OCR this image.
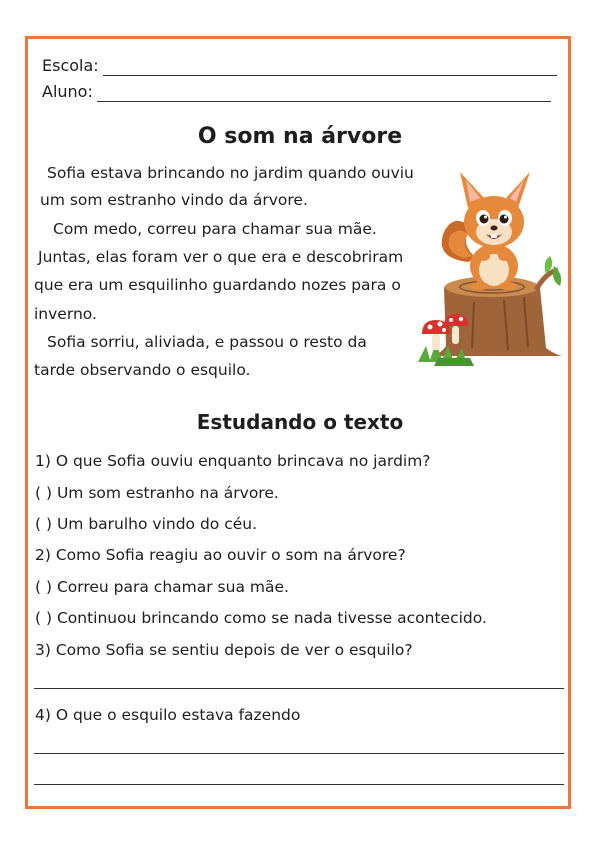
Escola:
Aluno:
O som na árvore
Sofia estava brincando no jardim quando ouviu
um som estranho vindo da árvore.
Com medo, correu para chamar sua mãe.
Juntas, elas foram ver o que era e descobriram
que era um esquilinho guardando nozes para o
inverno.
Sofia sorriu, aliviada, e passou o resto da
tarde observando o esquilo.
Estudando o texto
1) O que Sofia ouviu enquanto brincava no jardim?
( ) Um som estranho na árvore.
( ) Um barulho vindo do céu.
2) Como Sofia reagiu ao ouvir o som na árvore?
( ) Correu para chamar sua mãe.
( ) Continuou brincando como se nada tivesse acontecido.
3) Como Sofia se sentiu depois de ver o esquilo?
4) O que o esquilo estava fazendo
